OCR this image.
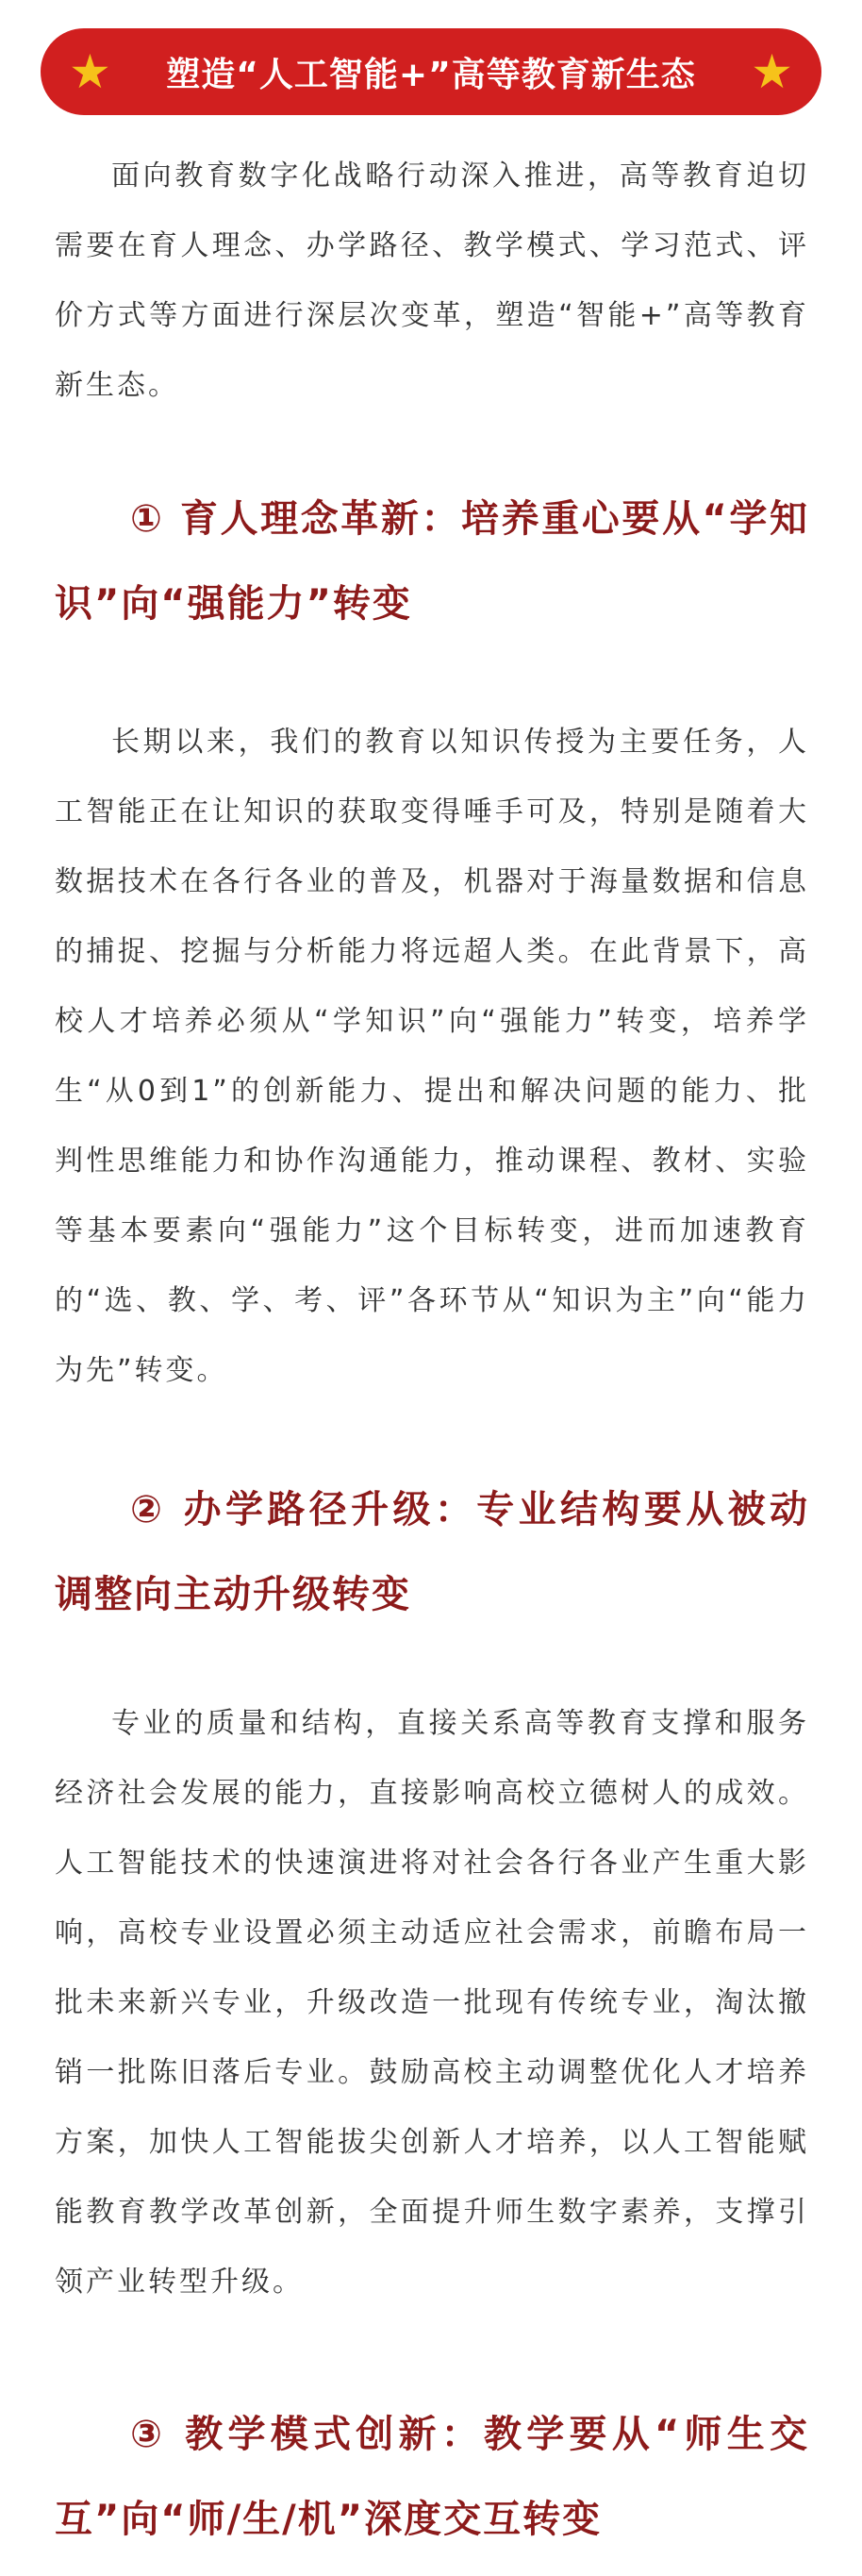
★ 塑造“人工智能+”高等教育新生态 ★

面向教育数字化战略行动深入推进，高等教育迫切需要在育人理念、办学路径、教学模式、学习范式、评价方式等方面进行深层次变革，塑造“智能+”高等教育新生态。

① 育人理念革新：培养重心要从“学知识”向“强能力”转变

长期以来，我们的教育以知识传授为主要任务，人工智能正在让知识的获取变得唾手可及，特别是随着大数据技术在各行各业的普及，机器对于海量数据和信息的捕捉、挖掘与分析能力将远超人类。在此背景下，高校人才培养必须从“学知识”向“强能力”转变，培养学生“从0到1”的创新能力、提出和解决问题的能力、批判性思维能力和协作沟通能力，推动课程、教材、实验等基本要素向“强能力”这个目标转变，进而加速教育的“选、教、学、考、评”各环节从“知识为主”向“能力为先”转变。

② 办学路径升级：专业结构要从被动调整向主动升级转变

专业的质量和结构，直接关系高等教育支撑和服务经济社会发展的能力，直接影响高校立德树人的成效。人工智能技术的快速演进将对社会各行各业产生重大影响，高校专业设置必须主动适应社会需求，前瞻布局一批未来新兴专业，升级改造一批现有传统专业，淘汰撤销一批陈旧落后专业。鼓励高校主动调整优化人才培养方案，加快人工智能拔尖创新人才培养，以人工智能赋能教育教学改革创新，全面提升师生数字素养，支撑引领产业转型升级。

③ 教学模式创新：教学要从“师生交互”向“师/生/机”深度交互转变
